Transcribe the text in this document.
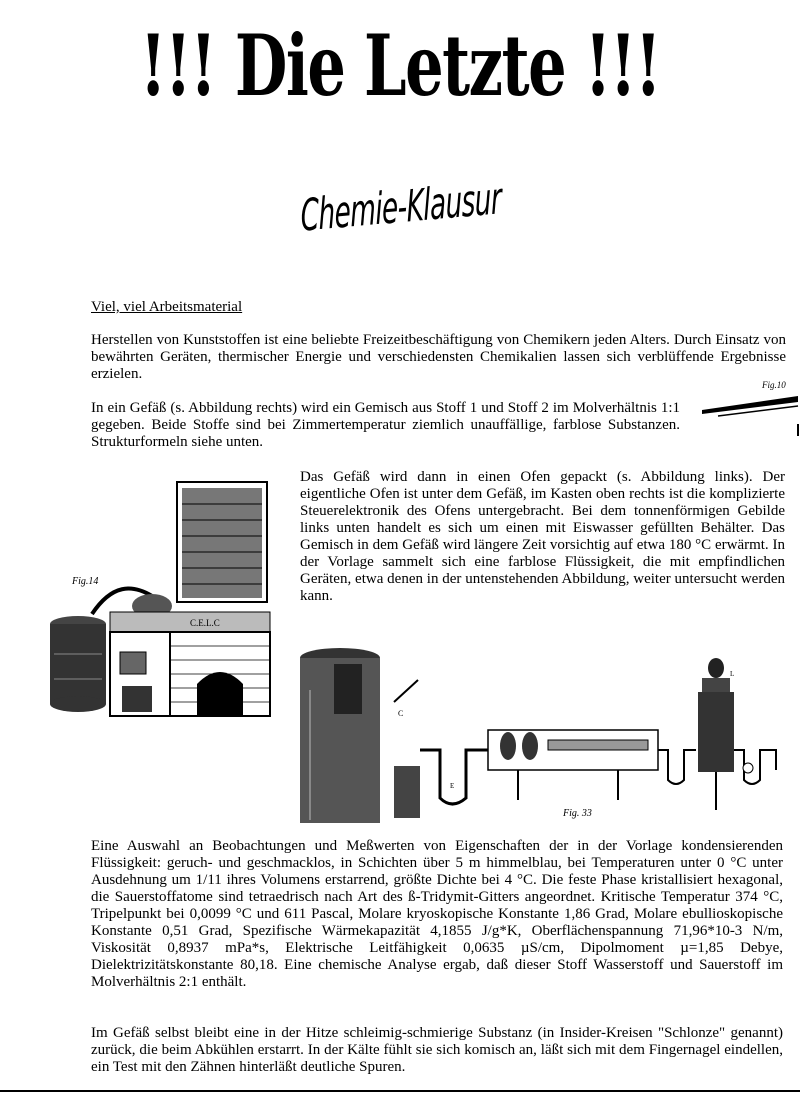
!!! Die Letzte !!!
Chemie-Klausur
Viel, viel Arbeitsmaterial

Herstellen von Kunststoffen ist eine beliebte Freizeitbeschäftigung von Chemikern jeden Alters. Durch Einsatz von bewährten Geräten, thermischer Energie und verschiedensten Chemikalien lassen sich verblüffende Ergebnisse erzielen.

Fig.10

In ein Gefäß (s. Abbildung rechts) wird ein Gemisch aus Stoff 1 und Stoff 2 im Molverhältnis 1:1 gegeben. Beide Stoffe sind bei Zimmertemperatur ziemlich unauffällige, farblose Substanzen. Strukturformeln siehe unten.

Fig.14
C.E.L.C

Das Gefäß wird dann in einen Ofen gepackt (s. Abbildung links). Der eigentliche Ofen ist unter dem Gefäß, im Kasten oben rechts ist die komplizierte Steuerelektronik des Ofens untergebracht. Bei dem tonnenförmigen Gebilde links unten handelt es sich um einen mit Eiswasser gefüllten Behälter. Das Gemisch in dem Gefäß wird längere Zeit vorsichtig auf etwa 180 °C erwärmt. In der Vorlage sammelt sich eine farblose Flüssigkeit, die mit empfindlichen Geräten, etwa denen in der untenstehenden Abbildung, weiter untersucht werden kann.

C
E
L
Fig. 33

Eine Auswahl an Beobachtungen und Meßwerten von Eigenschaften der in der Vorlage kondensierenden Flüssigkeit: geruch- und geschmacklos, in Schichten über 5 m himmelblau, bei Temperaturen unter 0 °C unter Ausdehnung um 1/11 ihres Volumens erstarrend, größte Dichte bei 4 °C. Die feste Phase kristallisiert hexagonal, die Sauerstoffatome sind tetraedrisch nach Art des ß-Tridymit-Gitters angeordnet. Kritische Temperatur 374 °C, Tripelpunkt bei 0,0099 °C und 611 Pascal, Molare kryoskopische Konstante 1,86 Grad, Molare ebullioskopische Konstante 0,51 Grad, Spezifische Wärmekapazität 4,1855 J/g*K, Oberflächenspannung 71,96*10-3 N/m, Viskosität 0,8937 mPa*s, Elektrische Leitfähigkeit 0,0635 µS/cm, Dipolmoment µ=1,85 Debye, Dielektrizitätskonstante 80,18. Eine chemische Analyse ergab, daß dieser Stoff Wasserstoff und Sauerstoff im Molverhältnis 2:1 enthält.

Im Gefäß selbst bleibt eine in der Hitze schleimig-schmierige Substanz (in Insider-Kreisen "Schlonze" genannt) zurück, die beim Abkühlen erstarrt. In der Kälte fühlt sie sich komisch an, läßt sich mit dem Fingernagel eindellen, ein Test mit den Zähnen hinterläßt deutliche Spuren.
